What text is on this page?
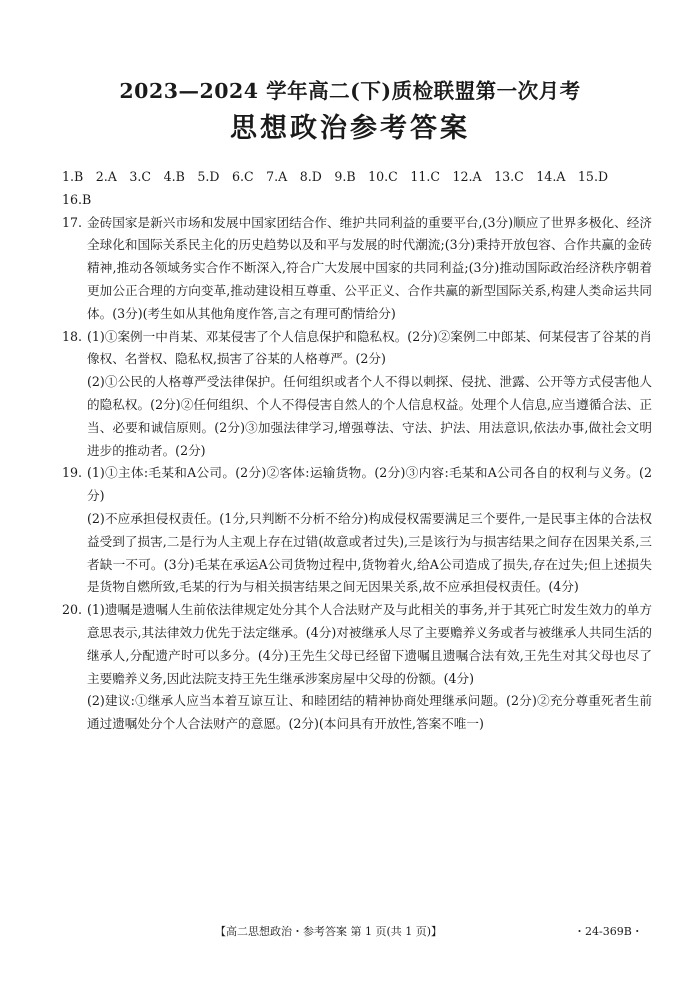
2023—2024 学年高二(下)质检联盟第一次月考
思想政治参考答案
1.B 2.A 3.C 4.B 5.D 6.C 7.A 8.D 9.B 10.C 11.C 12.A 13.C 14.A 15.D
16.B
17. 金砖国家是新兴市场和发展中国家团结合作、维护共同利益的重要平台,(3分)顺应了世界多极化、经济全球化和国际关系民主化的历史趋势以及和平与发展的时代潮流;(3分)秉持开放包容、合作共赢的金砖精神,推动各领域务实合作不断深入,符合广大发展中国家的共同利益;(3分)推动国际政治经济秩序朝着更加公正合理的方向变革,推动建设相互尊重、公平正义、合作共赢的新型国际关系,构建人类命运共同体。(3分)(考生如从其他角度作答,言之有理可酌情给分)
18. (1)①案例一中肖某、邓某侵害了个人信息保护和隐私权。(2分)②案例二中郎某、何某侵害了谷某的肖像权、名誉权、隐私权,损害了谷某的人格尊严。(2分)
(2)①公民的人格尊严受法律保护。任何组织或者个人不得以刺探、侵扰、泄露、公开等方式侵害他人的隐私权。(2分)②任何组织、个人不得侵害自然人的个人信息权益。处理个人信息,应当遵循合法、正当、必要和诚信原则。(2分)③加强法律学习,增强尊法、守法、护法、用法意识,依法办事,做社会文明进步的推动者。(2分)
19. (1)①主体:毛某和A公司。(2分)②客体:运输货物。(2分)③内容:毛某和A公司各自的权利与义务。(2分)
(2)不应承担侵权责任。(1分,只判断不分析不给分)构成侵权需要满足三个要件,一是民事主体的合法权益受到了损害,二是行为人主观上存在过错(故意或者过失),三是该行为与损害结果之间存在因果关系,三者缺一不可。(3分)毛某在承运A公司货物过程中,货物着火,给A公司造成了损失,存在过失;但上述损失是货物自燃所致,毛某的行为与相关损害结果之间无因果关系,故不应承担侵权责任。(4分)
20. (1)遗嘱是遗嘱人生前依法律规定处分其个人合法财产及与此相关的事务,并于其死亡时发生效力的单方意思表示,其法律效力优先于法定继承。(4分)对被继承人尽了主要赡养义务或者与被继承人共同生活的继承人,分配遗产时可以多分。(4分)王先生父母已经留下遗嘱且遗嘱合法有效,王先生对其父母也尽了主要赡养义务,因此法院支持王先生继承涉案房屋中父母的份额。(4分)
(2)建议:①继承人应当本着互谅互让、和睦团结的精神协商处理继承问题。(2分)②充分尊重死者生前通过遗嘱处分个人合法财产的意愿。(2分)(本问具有开放性,答案不唯一)
【高二思想政治・参考答案 第 1 页(共 1 页)】	・24-369B・
